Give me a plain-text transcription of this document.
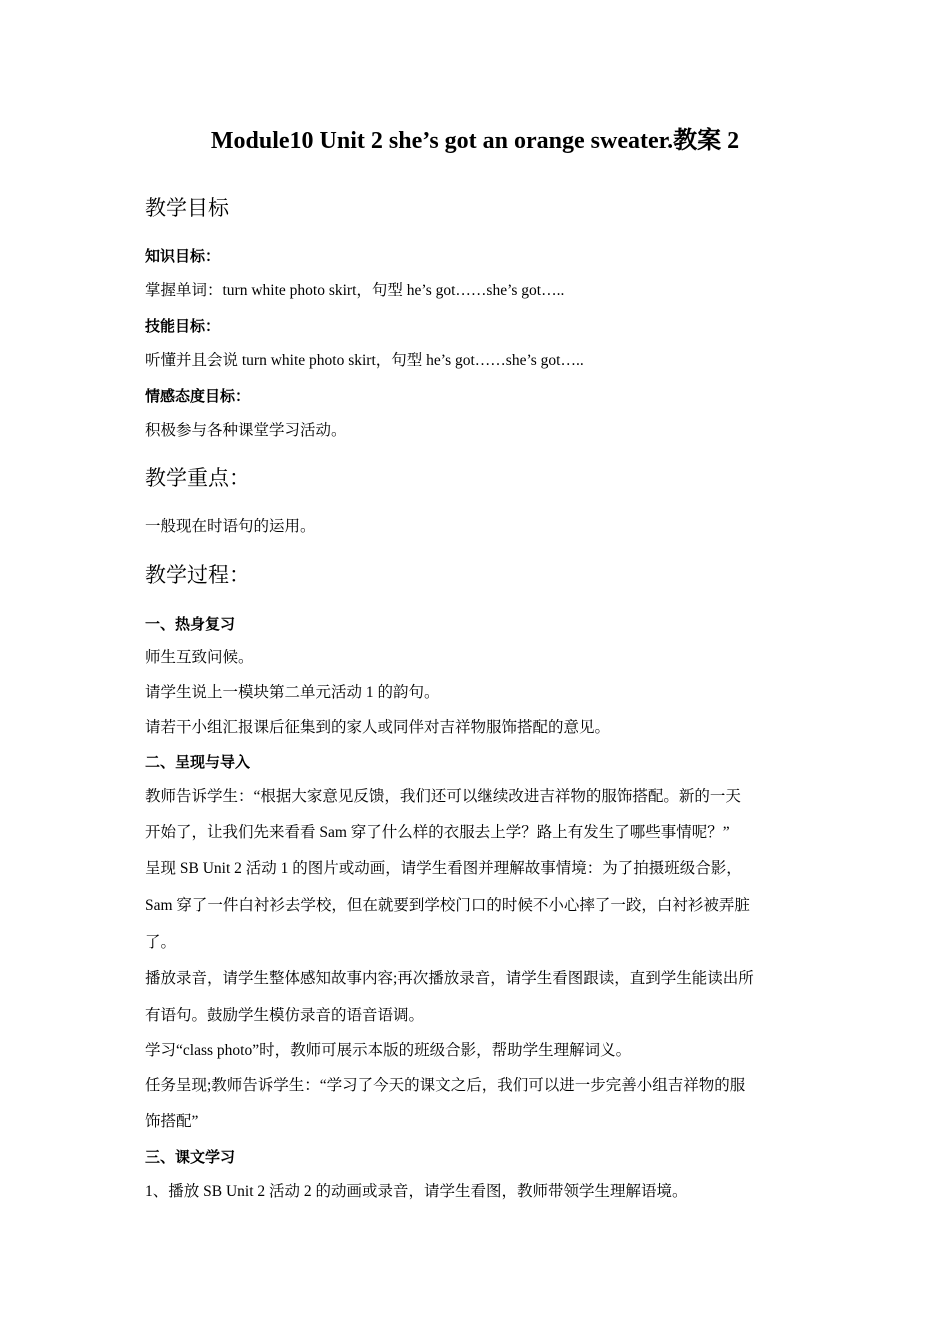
Module10 Unit 2 she’s got an orange sweater.教案 2
教学目标
知识目标：
掌握单词：turn white photo skirt，句型 he’s got……she’s got…..
技能目标：
听懂并且会说 turn white photo skirt，句型 he’s got……she’s got…..
情感态度目标：
积极参与各种课堂学习活动。
教学重点：
一般现在时语句的运用。
教学过程：
一、热身复习
师生互致问候。
请学生说上一模块第二单元活动 1 的韵句。
请若干小组汇报课后征集到的家人或同伴对吉祥物服饰搭配的意见。
二、呈现与导入
教师告诉学生：“根据大家意见反馈，我们还可以继续改进吉祥物的服饰搭配。新的一天
开始了，让我们先来看看 Sam 穿了什么样的衣服去上学？路上有发生了哪些事情呢？”
呈现 SB Unit 2 活动 1 的图片或动画，请学生看图并理解故事情境：为了拍摄班级合影，
Sam 穿了一件白衬衫去学校，但在就要到学校门口的时候不小心摔了一跤，白衬衫被弄脏
了。
播放录音，请学生整体感知故事内容;再次播放录音，请学生看图跟读，直到学生能读出所
有语句。鼓励学生模仿录音的语音语调。
学习“class photo”时，教师可展示本版的班级合影，帮助学生理解词义。
任务呈现;教师告诉学生：“学习了今天的课文之后，我们可以进一步完善小组吉祥物的服
饰搭配”
三、课文学习
1、播放 SB Unit 2 活动 2 的动画或录音，请学生看图，教师带领学生理解语境。
